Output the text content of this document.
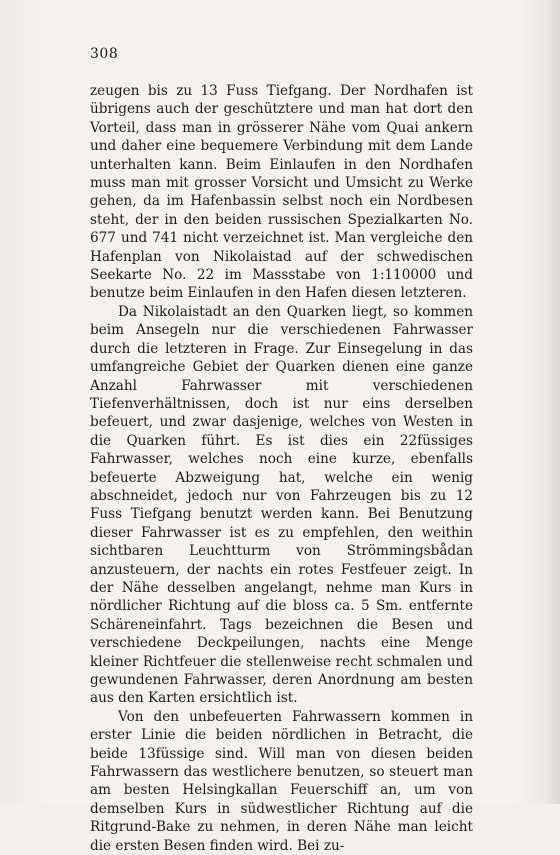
308

zeugen bis zu 13 Fuss Tiefgang. Der Nordhafen ist übrigens auch der geschütztere und man hat dort den Vorteil, dass man in grösserer Nähe vom Quai ankern und daher eine bequemere Verbindung mit dem Lande unterhalten kann. Beim Einlaufen in den Nordhafen muss man mit grosser Vorsicht und Umsicht zu Werke gehen, da im Hafenbassin selbst noch ein Nordbesen steht, der in den beiden russischen Spezialkarten No. 677 und 741 nicht verzeichnet ist. Man vergleiche den Hafenplan von Nikolaistad auf der schwedischen Seekarte No. 22 im Massstabe von 1:110000 und benutze beim Einlaufen in den Hafen diesen letzteren.

Da Nikolaistadt an den Quarken liegt, so kommen beim Ansegeln nur die verschiedenen Fahrwasser durch die letzteren in Frage. Zur Einsegelung in das umfangreiche Gebiet der Quarken dienen eine ganze Anzahl Fahrwasser mit verschiedenen Tiefenverhältnissen, doch ist nur eins derselben befeuert, und zwar dasjenige, welches von Westen in die Quarken führt. Es ist dies ein 22füssiges Fahrwasser, welches noch eine kurze, ebenfalls befeuerte Abzweigung hat, welche ein wenig abschneidet, jedoch nur von Fahrzeugen bis zu 12 Fuss Tiefgang benutzt werden kann. Bei Benutzung dieser Fahrwasser ist es zu empfehlen, den weithin sichtbaren Leuchtturm von Strömmingsbådan anzusteuern, der nachts ein rotes Festfeuer zeigt. In der Nähe desselben angelangt, nehme man Kurs in nördlicher Richtung auf die bloss ca. 5 Sm. entfernte Schäreneinfahrt. Tags bezeichnen die Besen und verschiedene Deckpeilungen, nachts eine Menge kleiner Richtfeuer die stellenweise recht schmalen und gewundenen Fahrwasser, deren Anordnung am besten aus den Karten ersichtlich ist.

Von den unbefeuerten Fahrwassern kommen in erster Linie die beiden nördlichen in Betracht, die beide 13füssige sind. Will man von diesen beiden Fahrwassern das westlichere benutzen, so steuert man am besten Helsingkallan Feuerschiff an, um von demselben Kurs in südwestlicher Richtung auf die Ritgrund-Bake zu nehmen, in deren Nähe man leicht die ersten Besen finden wird. Bei zu-
